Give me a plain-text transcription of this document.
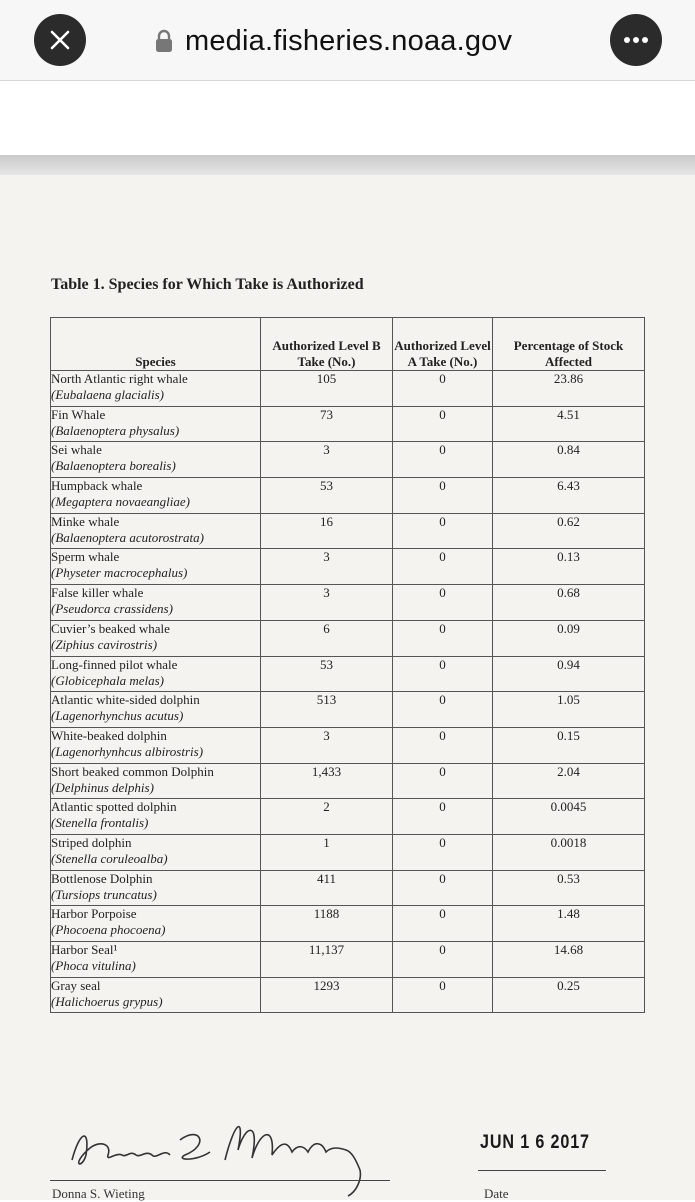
media.fisheries.noaa.gov
Table 1. Species for Which Take is Authorized
Species	Authorized Level B Take (No.)	Authorized Level A Take (No.)	Percentage of Stock Affected

North Atlantic right whale
(Eubalaena glacialis)	105	0	23.86

Fin Whale
(Balaenoptera physalus)	73	0	4.51

Sei whale
(Balaenoptera borealis)	3	0	0.84

Humpback whale
(Megaptera novaeangliae)	53	0	6.43

Minke whale
(Balaenoptera acutorostrata)	16	0	0.62

Sperm whale
(Physeter macrocephalus)	3	0	0.13

False killer whale
(Pseudorca crassidens)	3	0	0.68

Cuvier’s beaked whale
(Ziphius cavirostris)	6	0	0.09

Long-finned pilot whale
(Globicephala melas)	53	0	0.94

Atlantic white-sided dolphin
(Lagenorhynchus acutus)	513	0	1.05

White-beaked dolphin
(Lagenorhynhcus albirostris)	3	0	0.15

Short beaked common Dolphin
(Delphinus delphis)	1,433	0	2.04

Atlantic spotted dolphin
(Stenella frontalis)	2	0	0.0045

Striped dolphin
(Stenella coruleoalba)	1	0	0.0018

Bottlenose Dolphin
(Tursiops truncatus)	411	0	0.53

Harbor Porpoise
(Phocoena phocoena)	1188	0	1.48

Harbor Seal¹
(Phoca vitulina)	11,137	0	14.68

Gray seal
(Halichoerus grypus)	1293	0	0.25
Donna S. Wieting
JUN 1 6 2017
Date
